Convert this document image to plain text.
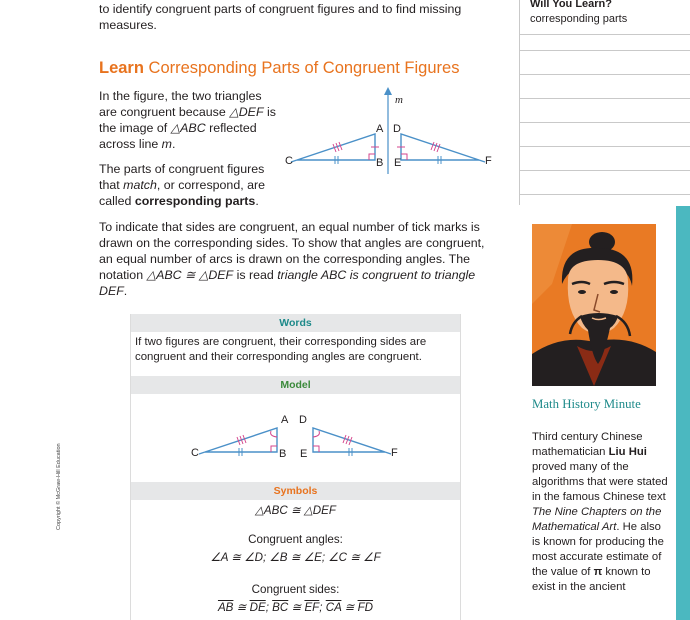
to identify congruent parts of congruent figures and to find missing measures.

Learn Corresponding Parts of Congruent Figures

In the figure, the two triangles are congruent because △DEF is the image of △ABC reflected across line m.

m
A D
B E
C	F

The parts of congruent figures that match, or correspond, are called corresponding parts.

To indicate that sides are congruent, an equal number of tick marks is drawn on the corresponding sides. To show that angles are congruent, an equal number of arcs is drawn on the corresponding angles. The notation △ABC ≅ △DEF is read triangle ABC is congruent to triangle DEF.

Words

If two figures are congruent, their corresponding sides are congruent and their corresponding angles are congruent.

Model
A D
B E
C	F
Symbols
△ABC ≅ △DEF
Congruent angles:
∠A ≅ ∠D; ∠B ≅ ∠E; ∠C ≅ ∠F
Congruent sides:
$\overline{AB}$ ≅ $\overline{DE}$; $\overline{BC}$ ≅ $\overline{EF}$; $\overline{CA}$ ≅ $\overline{FD}$
Will You Learn?
corresponding parts
Math History Minute

Third century Chinese mathematician Liu Hui proved many of the algorithms that were stated in the famous Chinese text The Nine Chapters on the Mathematical Art. He also is known for producing the most accurate estimate of the value of π known to exist in the ancient

Copyright © McGraw-Hill Education
